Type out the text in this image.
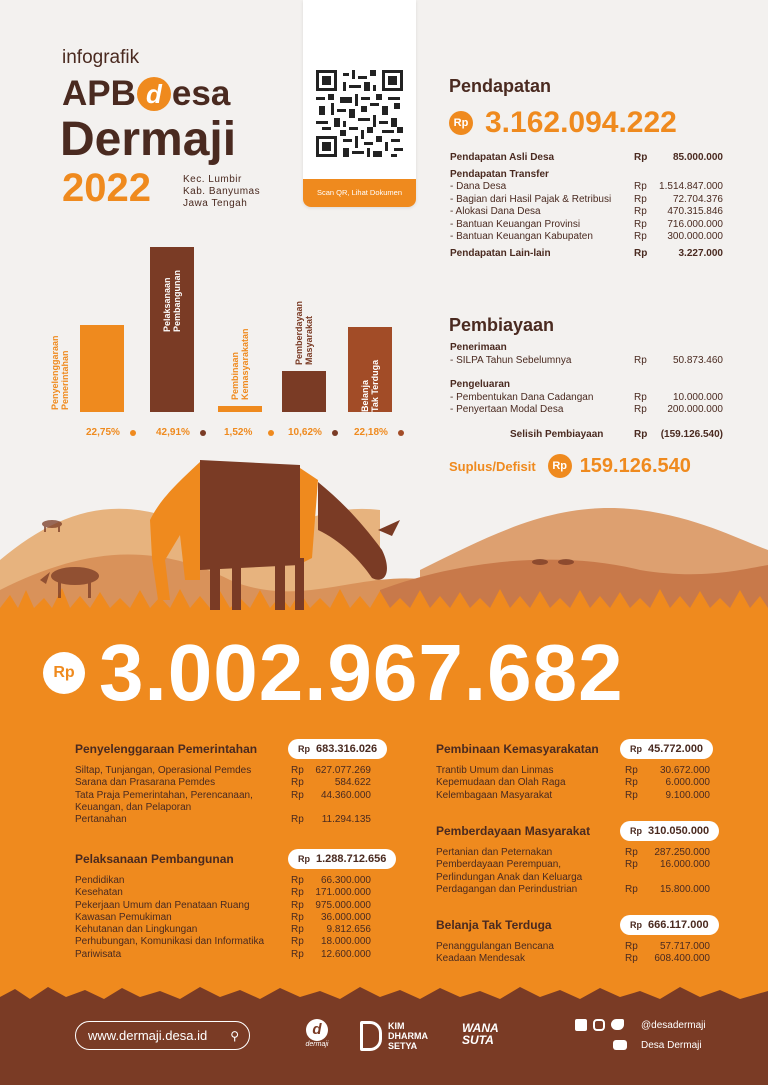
infografik
APB d esa
Dermaji
2022	Kec. Lumbir
Kab. Banyumas
Jawa Tengah
Scan QR, Lihat Dokumen
Pendapatan
Rp 3.162.094.222
Pendapatan Asli Desa	Rp	85.000.000
Pendapatan Transfer
- Dana Desa	Rp 1.514.847.000
- Bagian dari Hasil Pajak & Retribusi Rp	72.704.376
- Alokasi Dana Desa	Rp 470.315.846
- Bantuan Keuangan Provinsi	Rp 716.000.000
- Bantuan Keuangan Kabupaten	Rp 300.000.000
Pendapatan Lain-lain	Rp	3.227.000
Pembiayaan
Penerimaan
- SILPA Tahun Sebelumnya	Rp	50.873.460
Pengeluaran
- Pembentukan Dana Cadangan	Rp	10.000.000
- Penyertaan Modal Desa	Rp 200.000.000
Selisih Pembiayaan	Rp (159.126.540)
Suplus/Defisit	Rp 159.126.540
Penyelenggaraan Pemerintahan
22,75%
Pelaksanaan Pembangunan
42,91%
Pembinaan Kemasyarakatan
1,52%
Pemberdayaan Masyarakat
10,62%
Belanja Tak Terduga
22,18%
Rp 3.002.967.682
Penyelenggaraan Pemerintahan	Rp 683.316.026
Siltap, Tunjangan, Operasional Pemdes	Rp 627.077.269
Sarana dan Prasarana Pemdes	Rp	584.622
Tata Praja Pemerintahan, Perencanaan,	Rp 44.360.000
Keuangan, dan Pelaporan
Pertanahan	Rp 11.294.135
Pelaksanaan Pembangunan	Rp 1.288.712.656
Pendidikan	Rp 66.300.000
Kesehatan	Rp 171.000.000
Pekerjaan Umum dan Penataan Ruang	Rp 975.000.000
Kawasan Pemukiman	Rp 36.000.000
Kehutanan dan Lingkungan	Rp 9.812.656
Perhubungan, Komunikasi dan Informatika	Rp 18.000.000
Pariwisata	Rp 12.600.000
Pembinaan Kemasyarakatan	Rp 45.772.000
Trantib Umum dan Linmas	Rp 30.672.000
Kepemudaan dan Olah Raga	Rp	6.000.000
Kelembagaan Masyarakat	Rp	9.100.000
Pemberdayaan Masyarakat	Rp 310.050.000
Pertanian dan Peternakan	Rp 287.250.000
Pemberdayaan Perempuan,	Rp 16.000.000
Perlindungan Anak dan Keluarga
Perdagangan dan Perindustrian	Rp 15.800.000
Belanja Tak Terduga	Rp 666.117.000
Penanggulangan Bencana	Rp 57.717.000
Keadaan Mendesak	Rp 608.400.000
www.dermaji.desa.id ⚲	d
dermaji
KIM
DHARMA
SETYA
WANA
SUTA
@desadermaji
Desa Dermaji
